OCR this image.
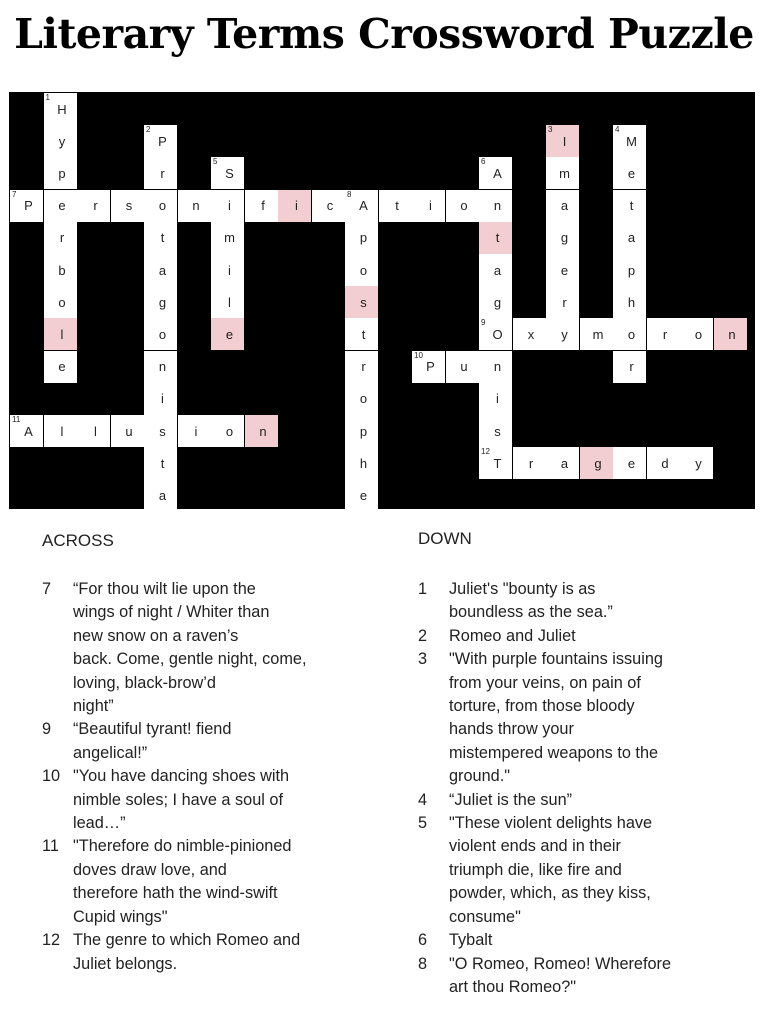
Literary Terms Crossword Puzzle
1
H
y
2
P
3
I
4
M
p	r
5
S
6
A	m	e
7
P e r s o n i f i c
8
A t i o n	a	t
r	t	m	p	t	g	a
b	a	i	o	a	e	p
o	g	l	s	g	r	h
l	o	e	t
9
O x y m o r o n
e	n	r
10
P u n	r
i	o	i
11
A l l u s i o n	p	s
t	h
12
T r a g e d y
a	e
ACROSS	DOWN
7 “For thou wilt lie upon the
wings of night / Whiter than
new snow on a raven’s
back. Come, gentle night, come,
loving, black-brow’d
night”
9 “Beautiful tyrant! fiend
angelical!”
10 "You have dancing shoes with
nimble soles; I have a soul of
lead…”
11 "Therefore do nimble-pinioned
doves draw love, and
therefore hath the wind-swift
Cupid wings"
12 The genre to which Romeo and
Juliet belongs.
1 Juliet's "bounty is as
boundless as the sea.”
2 Romeo and Juliet
3 "With purple fountains issuing
from your veins, on pain of
torture, from those bloody
hands throw your
mistempered weapons to the
ground."
4 “Juliet is the sun”
5 "These violent delights have
violent ends and in their
triumph die, like fire and
powder, which, as they kiss,
consume"
6 Tybalt
8 "O Romeo, Romeo! Wherefore
art thou Romeo?"
